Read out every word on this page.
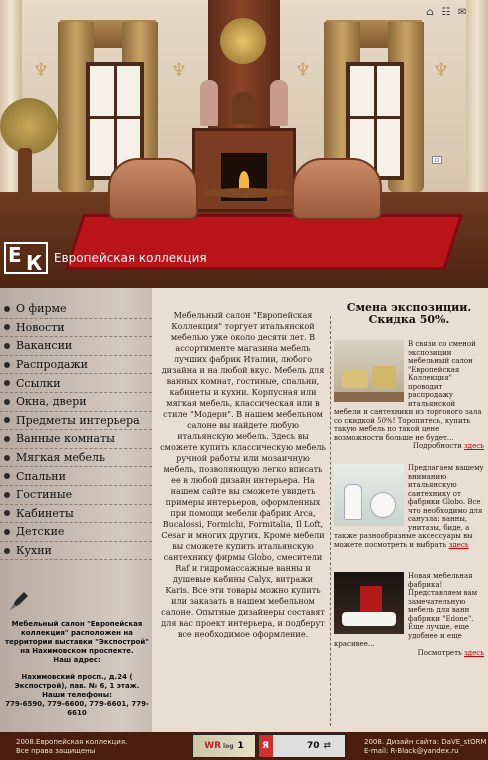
♆	♆	♆	♆
⌂ ☷ ✉
▫
Е К Европейская коллекция
О фирме
Новости
Вакансии
Распродажи
Ссылки
Окна, двери
Предметы интерьера
Ванные комнаты
Мягкая мебель
Спальни
Гостиные
Кабинеты
Детские
Кухни
Мебельный салон "Европейская коллекция" расположен на территории выставки "Экспострой" на Нахимовском проспекте.
Наш адрес:
Нахимовский просп., д.24 ( Экспострой), пав. № 6, 1 этаж.
Наши телефоны:
779-6590, 779-6600, 779-6601, 779-6610
Мебельный салон "Европейская Коллекция" торгует итальянской мебелью уже около десяти лет. В ассортименте магазина мебель лучших фабрик Италии, любого дизайна и на любой вкус. Мебель для ванных комнат, гостиные, спальни, кабинеты и кухни. Корпусная или мягкая мебель, классическая или в стиле "Модерн". В нашем мебельном салоне вы найдете любую итальянскую мебель. Здесь вы сможете купить классическую мебель ручной работы или мозаичную мебель, позволяющую легко вписать ее в любой дизайн интерьера. На нашем сайте вы сможете увидеть примеры интерьеров, оформленных при помощи мебели фабрик Arca, Bucalossi, Formichi, Formitalia, Il Loft, Cesar и многих других. Кроме мебели вы сможете купить итальянскую сантехнику фирмы Globo, смесители Raf и гидромассажные ванны и душевые кабины Calyx, витражи Karis. Все эти товары можно купить или заказать в нашем мебельном салоне. Опытные дизайнеры составят для вас проект интерьера, и подберут все необходимое оформление.
Смена экспозиции. Скидка 50%.
В связи со сменой экспозиции мебельный салон "Европейская Коллекция" проводит распродажу итальянской мебели и сантехники из торгового зала со скидкой 50%! Торопитесь, купить такую мебель по такой цене возможности больше не будет...
Подробности здесь
Предлагаем вашему вниманию итальянскую сантехнику от фабрики Globo. Все что необходимо для санузла: ванны, унитазы, биде, а также разнообразные аксессуары вы можете посмотреть и выбрать здесь
Новая мебельная фабрика! Представляем вам замечательную мебель для ванн фабрики "Edone". Еще лучше, еще удобнее и еще красивее...
Посмотреть здесь
2008.Европейская коллекция.
Все права защищены
WR log 1 Я	70 ⇄	2008. Дизайн сайта: DaVE_stORM
E-mail: R-Black@yandex.ru
